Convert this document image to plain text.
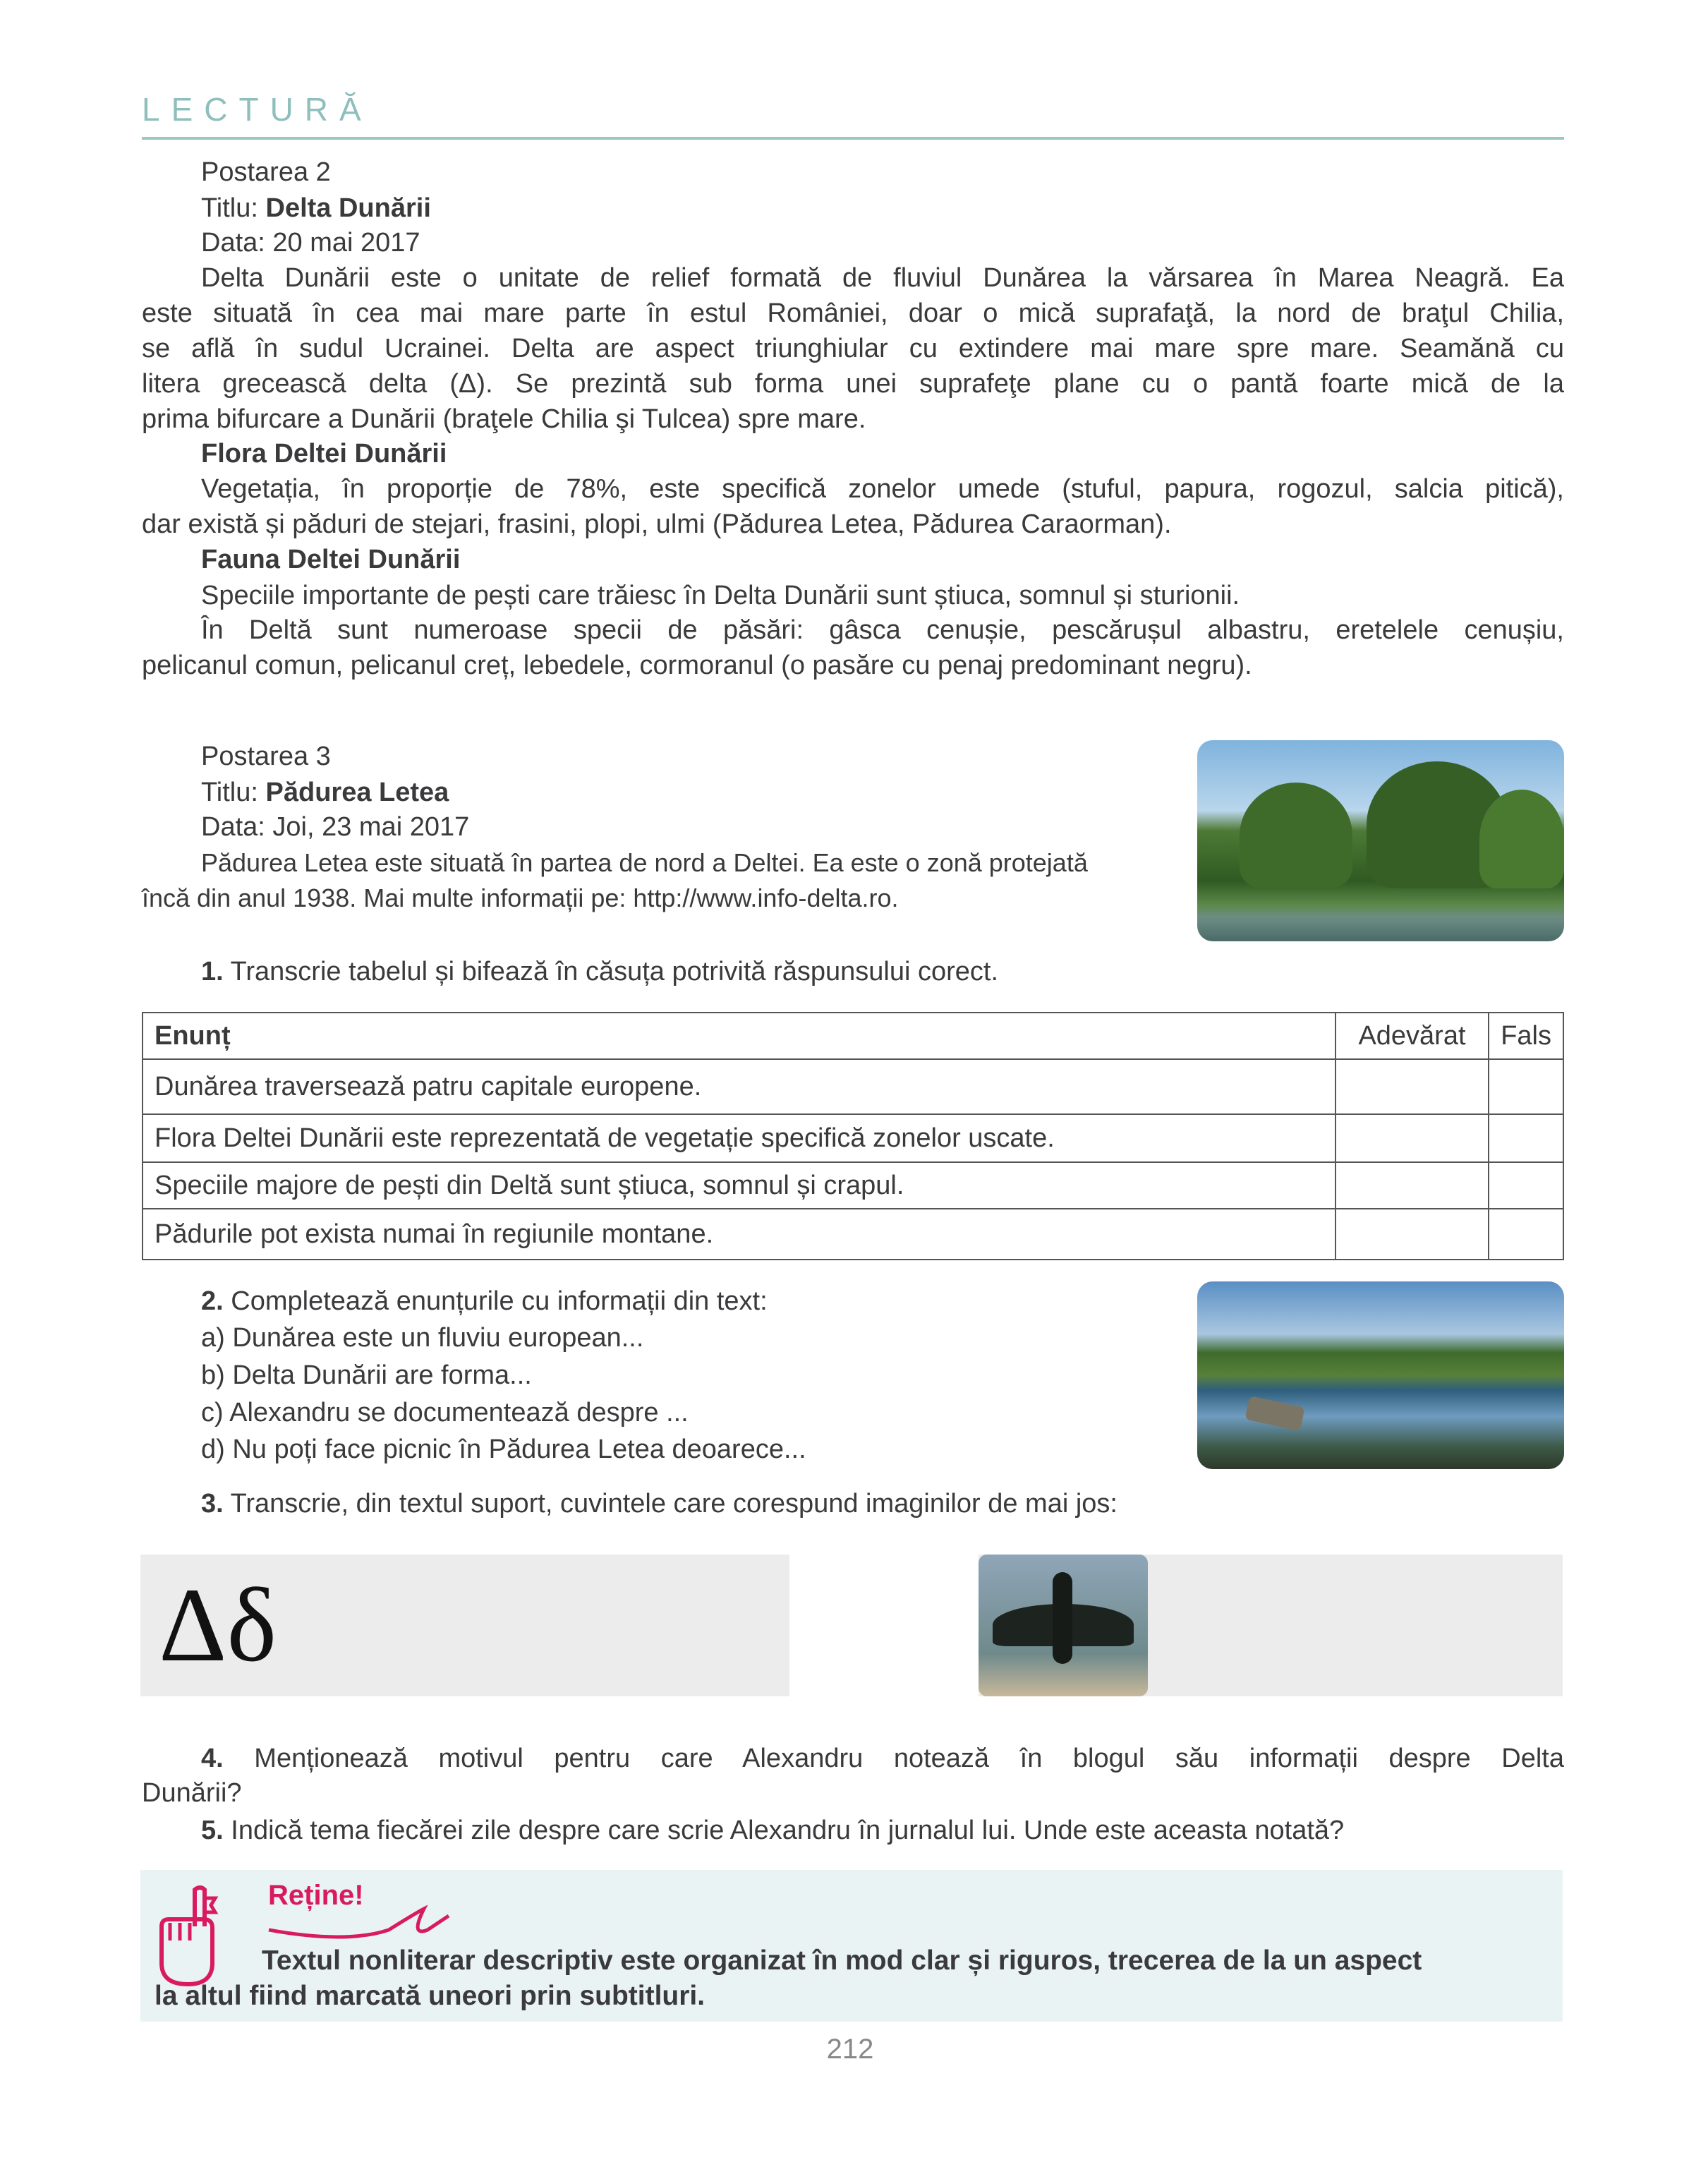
LECTURĂ
Postarea 2
Titlu: Delta Dunării
Data: 20 mai 2017
Delta Dunării este o unitate de relief formată de fluviul Dunărea la vărsarea în Marea Neagră. Ea
este situată în cea mai mare parte în estul României, doar o mică suprafaţă, la nord de braţul Chilia,
se află în sudul Ucrainei. Delta are aspect triunghiular cu extindere mai mare spre mare. Seamănă cu
litera grecească delta (Δ). Se prezintă sub forma unei suprafeţe plane cu o pantă foarte mică de la
prima bifurcare a Dunării (braţele Chilia şi Tulcea) spre mare.
Flora Deltei Dunării
Vegetația, în proporție de 78%, este specifică zonelor umede (stuful, papura, rogozul, salcia pitică),
dar există și păduri de stejari, frasini, plopi, ulmi (Pădurea Letea, Pădurea Caraorman).
Fauna Deltei Dunării
Speciile importante de pești care trăiesc în Delta Dunării sunt știuca, somnul și sturionii.
În Deltă sunt numeroase specii de păsări: gâsca cenușie, pescărușul albastru, eretelele cenușiu,
pelicanul comun, pelicanul creț, lebedele, cormoranul (o pasăre cu penaj predominant negru).
Postarea 3
Titlu: Pădurea Letea
Data: Joi, 23 mai 2017
Pădurea Letea este situată în partea de nord a Deltei. Ea este o zonă protejată
încă din anul 1938. Mai multe informații pe: http://www.info-delta.ro.
1. Transcrie tabelul și bifează în căsuța potrivită răspunsului corect.
Enunț	Adevărat	Fals
Dunărea traversează patru capitale europene.		
Flora Deltei Dunării este reprezentată de vegetație specifică zonelor uscate.		
Speciile majore de pești din Deltă sunt știuca, somnul și crapul.		
Pădurile pot exista numai în regiunile montane.		
2. Completează enunțurile cu informații din text:
a) Dunărea este un fluviu european...
b) Delta Dunării are forma...
c) Alexandru se documentează despre ...
d) Nu poți face picnic în Pădurea Letea deoarece...
3. Transcrie, din textul suport, cuvintele care corespund imaginilor de mai jos:
Δδ
4. Menționează motivul pentru care Alexandru notează în blogul său informații despre Delta
Dunării?
5. Indică tema fiecărei zile despre care scrie Alexandru în jurnalul lui. Unde este aceasta notată?
Reține!
Textul nonliterar descriptiv este organizat în mod clar și riguros, trecerea de la un aspect
la altul fiind marcată uneori prin subtitluri.
212
